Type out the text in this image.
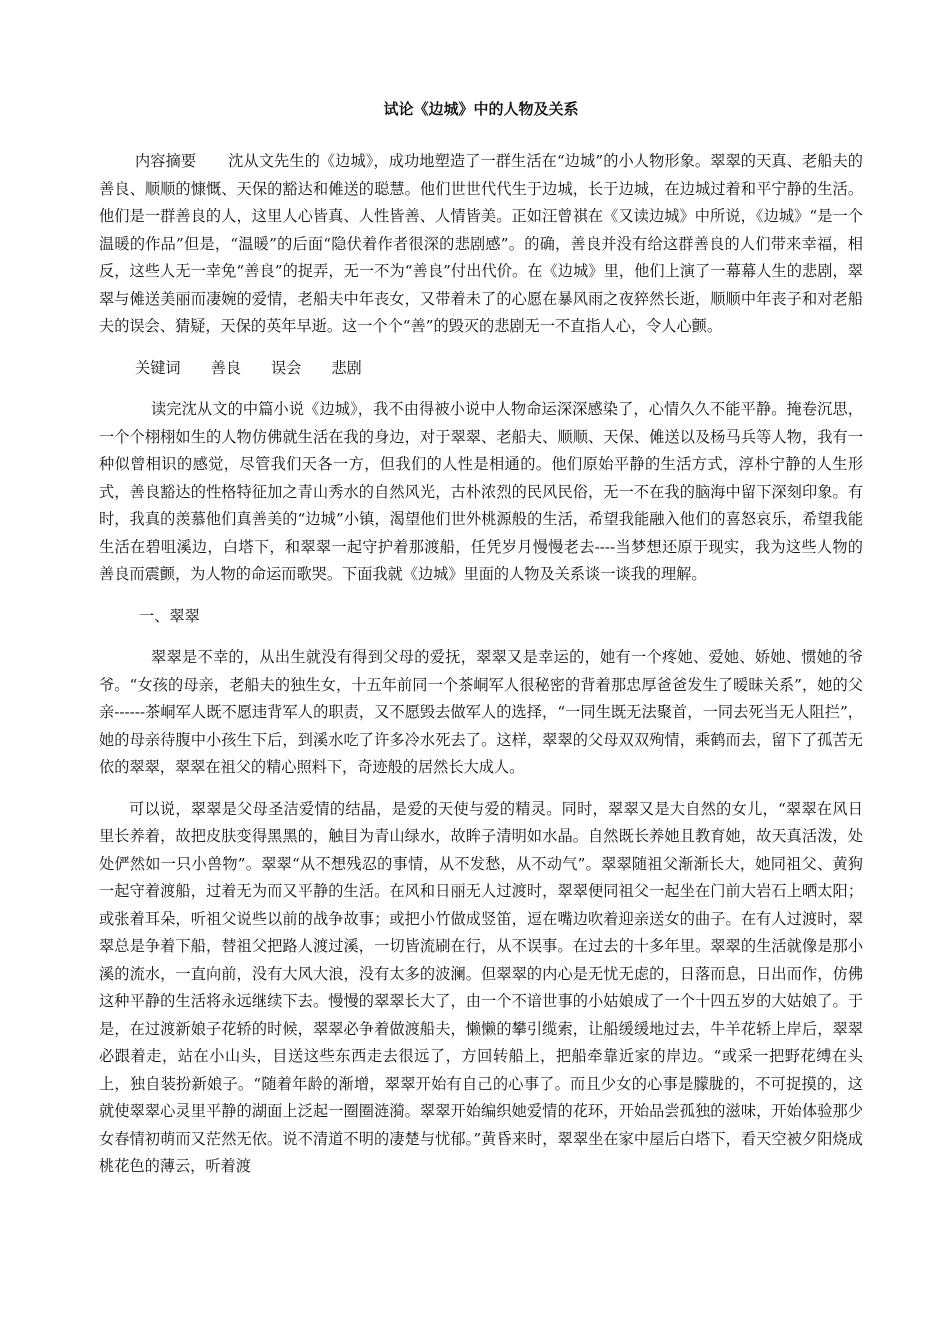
试论《边城》中的人物及关系

内容摘要 沈从文先生的《边城》，成功地塑造了一群生活在“边城”的小人物形象。翠翠的天真、老船夫的善良、顺顺的慷慨、天保的豁达和傩送的聪慧。他们世世代代生于边城，长于边城，在边城过着和平宁静的生活。他们是一群善良的人，这里人心皆真、人性皆善、人情皆美。正如汪曾祺在《又读边城》中所说，《边城》“是一个温暖的作品”但是，“温暖”的后面“隐伏着作者很深的悲剧感”。的确，善良并没有给这群善良的人们带来幸福，相反，这些人无一幸免“善良”的捉弄，无一不为“善良”付出代价。在《边城》里，他们上演了一幕幕人生的悲剧，翠翠与傩送美丽而凄婉的爱情，老船夫中年丧女，又带着未了的心愿在暴风雨之夜猝然长逝，顺顺中年丧子和对老船夫的误会、猜疑，天保的英年早逝。这一个个“善”的毁灭的悲剧无一不直指人心，令人心颤。

关键词 善良 误会 悲剧

读完沈从文的中篇小说《边城》，我不由得被小说中人物命运深深感染了，心情久久不能平静。掩卷沉思，一个个栩栩如生的人物仿佛就生活在我的身边，对于翠翠、老船夫、顺顺、天保、傩送以及杨马兵等人物，我有一种似曾相识的感觉，尽管我们天各一方，但我们的人性是相通的。他们原始平静的生活方式，淳朴宁静的人生形式，善良豁达的性格特征加之青山秀水的自然风光，古朴浓烈的民风民俗，无一不在我的脑海中留下深刻印象。有时，我真的羡慕他们真善美的“边城”小镇，渴望他们世外桃源般的生活，希望我能融入他们的喜怒哀乐，希望我能生活在碧咀溪边，白塔下，和翠翠一起守护着那渡船，任凭岁月慢慢老去----当梦想还原于现实，我为这些人物的善良而震颤，为人物的命运而歌哭。下面我就《边城》里面的人物及关系谈一谈我的理解。

一、翠翠

翠翠是不幸的，从出生就没有得到父母的爱抚，翠翠又是幸运的，她有一个疼她、爱她、娇她、惯她的爷爷。“女孩的母亲，老船夫的独生女，十五年前同一个茶峒军人很秘密的背着那忠厚爸爸发生了暧昧关系”，她的父亲------茶峒军人既不愿违背军人的职责，又不愿毁去做军人的选择，“一同生既无法聚首，一同去死当无人阻拦”，她的母亲待腹中小孩生下后，到溪水吃了许多冷水死去了。这样，翠翠的父母双双殉情，乘鹤而去，留下了孤苦无依的翠翠，翠翠在祖父的精心照料下，奇迹般的居然长大成人。

可以说，翠翠是父母圣洁爱情的结晶，是爱的天使与爱的精灵。同时，翠翠又是大自然的女儿，“翠翠在风日里长养着，故把皮肤变得黑黑的，触目为青山绿水，故眸子清明如水晶。自然既长养她且教育她，故天真活泼，处处俨然如一只小兽物”。翠翠“从不想残忍的事情，从不发愁，从不动气”。翠翠随祖父渐渐长大，她同祖父、黄狗一起守着渡船，过着无为而又平静的生活。在风和日丽无人过渡时，翠翠便同祖父一起坐在门前大岩石上晒太阳；或张着耳朵，听祖父说些以前的战争故事；或把小竹做成竖笛，逗在嘴边吹着迎亲送女的曲子。在有人过渡时，翠翠总是争着下船，替祖父把路人渡过溪，一切皆流刷在行，从不误事。在过去的十多年里。翠翠的生活就像是那小溪的流水，一直向前，没有大风大浪，没有太多的波澜。但翠翠的内心是无忧无虑的，日落而息，日出而作，仿佛这种平静的生活将永远继续下去。慢慢的翠翠长大了，由一个不谙世事的小姑娘成了一个十四五岁的大姑娘了。于是，在过渡新娘子花轿的时候，翠翠必争着做渡船夫，懒懒的攀引缆索，让船缓缓地过去，牛羊花轿上岸后，翠翠必跟着走，站在小山头，目送这些东西走去很远了，方回转船上，把船牵靠近家的岸边。“或采一把野花缚在头上，独自装扮新娘子。“随着年龄的渐增，翠翠开始有自己的心事了。而且少女的心事是朦胧的，不可捉摸的，这就使翠翠心灵里平静的湖面上泛起一圈圈涟漪。翠翠开始编织她爱情的花环，开始品尝孤独的滋味，开始体验那少女春情初萌而又茫然无依。说不清道不明的凄楚与忧郁。”黄昏来时，翠翠坐在家中屋后白塔下，看天空被夕阳烧成桃花色的薄云，听着渡
